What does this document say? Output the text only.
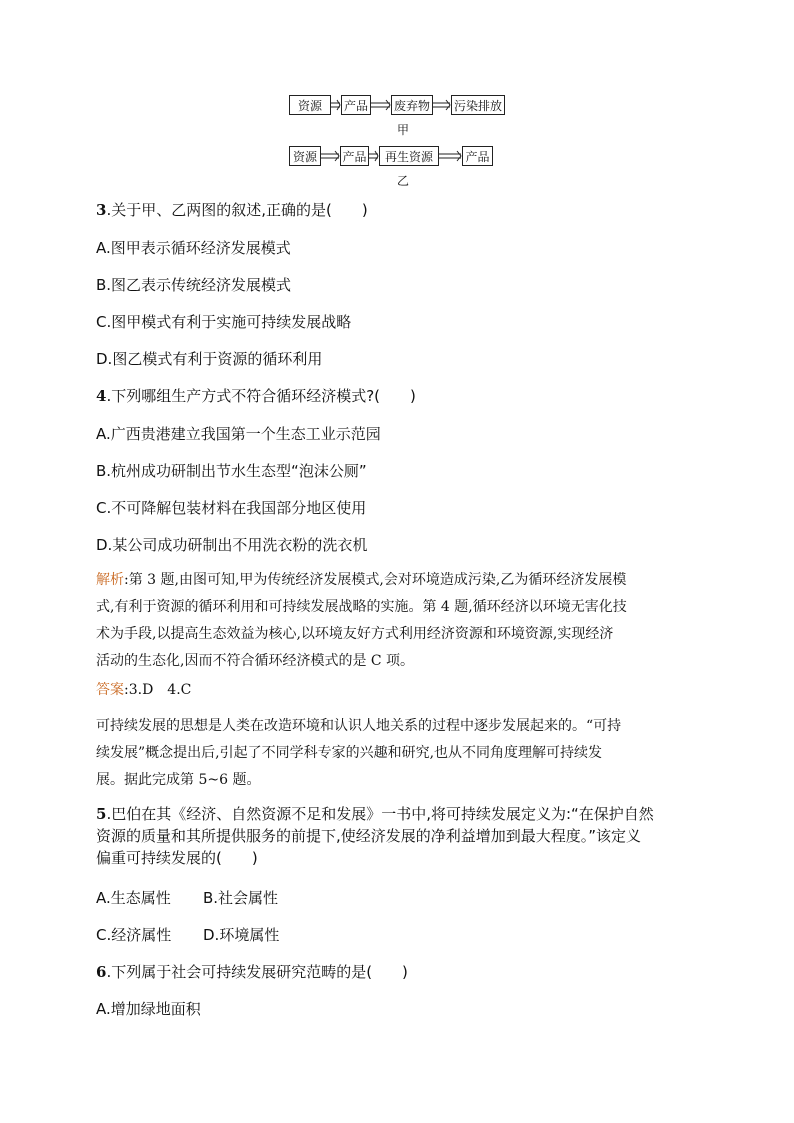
资源	产品 废弃物 污染排放
甲
资源	产品	再生资源	产品
乙
3.关于甲、乙两图的叙述,正确的是(　　)
A.图甲表示循环经济发展模式
B.图乙表示传统经济发展模式
C.图甲模式有利于实施可持续发展战略
D.图乙模式有利于资源的循环利用
4.下列哪组生产方式不符合循环经济模式?(　　)
A.广西贵港建立我国第一个生态工业示范园
B.杭州成功研制出节水生态型“泡沫公厕”
C.不可降解包装材料在我国部分地区使用
D.某公司成功研制出不用洗衣粉的洗衣机
解析:第 3 题,由图可知,甲为传统经济发展模式,会对环境造成污染,乙为循环经济发展模
式,有利于资源的循环利用和可持续发展战略的实施。第 4 题,循环经济以环境无害化技
术为手段,以提高生态效益为核心,以环境友好方式利用经济资源和环境资源,实现经济
活动的生态化,因而不符合循环经济模式的是 C 项。
答案:3.D　4.C
可持续发展的思想是人类在改造环境和认识人地关系的过程中逐步发展起来的。“可持
续发展”概念提出后,引起了不同学科专家的兴趣和研究,也从不同角度理解可持续发
展。据此完成第 5~6 题。
5.巴伯在其《经济、自然资源不足和发展》一书中,将可持续发展定义为:“在保护自然
资源的质量和其所提供服务的前提下,使经济发展的净利益增加到最大程度。”该定义
偏重可持续发展的(　　)
A.生态属性 B.社会属性
C.经济属性 D.环境属性
6.下列属于社会可持续发展研究范畴的是(　　)
A.增加绿地面积
